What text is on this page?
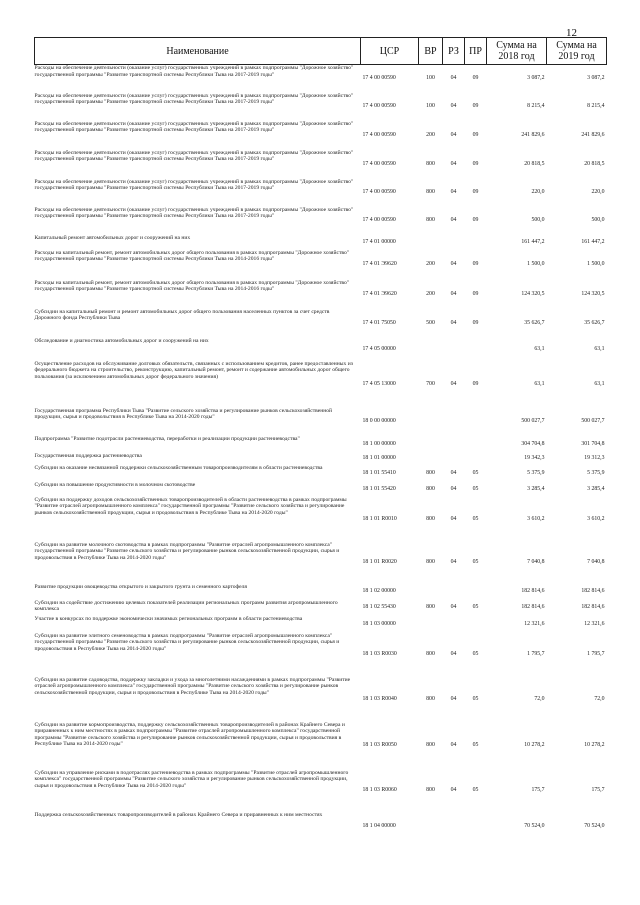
12
Наименование	ЦСР	ВР	РЗ	ПР	Сумма на 2018 год	Сумма на 2019 год
Расходы на обеспечение деятельности (оказание услуг) государственных учреждений в рамках подпрограммы "Дорожное хозяйство" государственной программы "Развитие транспортной системы Республики Тыва на 2017-2019 годы"	17 4 00 00590	100	04	09	3 087,2	3 087,2
Расходы на обеспечение деятельности (оказание услуг) государственных учреждений в рамках подпрограммы "Дорожное хозяйство" государственной программы "Развитие транспортной системы Республики Тыва на 2017-2019 годы"	17 4 00 00590	100	04	09	8 215,4	8 215,4
Расходы на обеспечение деятельности (оказание услуг) государственных учреждений в рамках подпрограммы "Дорожное хозяйство" государственной программы "Развитие транспортной системы Республики Тыва на 2017-2019 годы"	17 4 00 00590	200	04	09	241 829,6	241 829,6
Расходы на обеспечение деятельности (оказание услуг) государственных учреждений в рамках подпрограммы "Дорожное хозяйство" государственной программы "Развитие транспортной системы Республики Тыва на 2017-2019 годы"	17 4 00 00590	800	04	09	20 818,5	20 818,5
Расходы на обеспечение деятельности (оказание услуг) государственных учреждений в рамках подпрограммы "Дорожное хозяйство" государственной программы "Развитие транспортной системы Республики Тыва на 2017-2019 годы"	17 4 00 00590	800	04	09	220,0	220,0
Расходы на обеспечение деятельности (оказание услуг) государственных учреждений в рамках подпрограммы "Дорожное хозяйство" государственной программы "Развитие транспортной системы Республики Тыва на 2017-2019 годы"	17 4 00 00590	800	04	09	500,0	500,0
Капитальный ремонт автомобильных дорог и сооружений на них	17 4 01 00000				161 447,2	161 447,2
Расходы на капитальный ремонт, ремонт автомобильных дорог общего пользования в рамках подпрограммы "Дорожное хозяйство" государственной программы "Развитие транспортной системы Республики Тыва на 2014-2016 годы"	17 4 01 Э9620	200	04	09	1 500,0	1 500,0
Расходы на капитальный ремонт, ремонт автомобильных дорог общего пользования в рамках подпрограммы "Дорожное хозяйство" государственной программы "Развитие транспортной системы Республики Тыва на 2014-2016 годы"	17 4 01 Э9620	200	04	09	124 320,5	124 320,5
Субсидии на капитальный ремонт и ремонт автомобильных дорог общего пользования населенных пунктов за счет средств Дорожного фонда Республики Тыва	17 4 01 75050	500	04	09	35 626,7	35 626,7
Обследование и диагностика автомобильных дорог и сооружений на них	17 4 05 00000				63,1	63,1
Осуществление расходов на обслуживание долговых обязательств, связанных с использованием кредитов, ранее предоставленных из федерального бюджета на строительство, реконструкцию, капитальный ремонт, ремонт и содержание автомобильных дорог общего пользования (за исключением автомобильных дорог федерального значения)	17 4 05 13000	700	04	09	63,1	63,1
Государственная программа Республики Тыва "Развитие сельского хозяйства и регулирование рынков сельскохозяйственной продукции, сырья и продовольствия в Республике Тыва на 2014-2020 годы"	18 0 00 00000				500 027,7	500 027,7
Подпрограмма "Развитие подотрасли растениеводства, переработки и реализации продукции растениеводства"	18 1 00 00000				304 704,8	301 704,8
Государственная поддержка растениеводства	18 1 01 00000				19 342,3	19 312,3
Субсидии на оказание несвязанной поддержки сельскохозяйственным товаропроизводителям в области растениеводства	18 1 01 55410	800	04	05	5 375,9	5 375,9
Субсидии на повышение продуктивности в молочном скотоводстве	18 1 01 55420	800	04	05	3 285,4	3 285,4
Субсидии на поддержку доходов сельскохозяйственных товаропроизводителей в области растениеводства в рамках подпрограммы "Развитие отраслей агропромышленного комплекса" государственной программы "Развитие сельского хозяйства и регулирование рынков сельскохозяйственной продукции, сырья и продовольствия в Республике Тыва на 2014-2020 годы"	18 1 01 R0010	800	04	05	3 610,2	3 610,2
Субсидии на развитие молочного скотоводства в рамках подпрограммы "Развитие отраслей агропромышленного комплекса" государственной программы "Развитие сельского хозяйства и регулирование рынков сельскохозяйственной продукции, сырья и продовольствия в Республике Тыва на 2014-2020 годы"	18 1 01 R0020	800	04	05	7 040,8	7 040,8
Развитие продукции овощеводства открытого и закрытого грунта и семенного картофеля	18 1 02 00000				182 814,6	182 814,6
Субсидии на содействие достижению целевых показателей реализации региональных программ развития агропромышленного комплекса	18 1 02 55430	800	04	05	182 814,6	182 814,6
Участие в конкурсах по поддержке экономически значимых региональных программ в области растениеводства	18 1 03 00000				12 321,6	12 321,6
Субсидии на развитие элитного семеноводства в рамках подпрограммы "Развитие отраслей агропромышленного комплекса" государственной программы "Развитие сельского хозяйства и регулирование рынков сельскохозяйственной продукции, сырья и продовольствия в Республике Тыва на 2014-2020 годы"	18 1 03 R0030	800	04	05	1 795,7	1 795,7
Субсидии на развитие садоводства, поддержку закладки и ухода за многолетними насаждениями в рамках подпрограммы "Развитие отраслей агропромышленного комплекса" государственной программы "Развитие сельского хозяйства и регулирование рынков сельскохозяйственной продукции, сырья и продовольствия в Республике Тыва на 2014-2020 годы"	18 1 03 R0040	800	04	05	72,0	72,0
Субсидии на развитие кормопроизводства, поддержку сельскохозяйственных товаропроизводителей в районах Крайнего Севера и приравненных к ним местностях в рамках подпрограммы "Развитие отраслей агропромышленного комплекса" государственной программы "Развитие сельского хозяйства и регулирование рынков сельскохозяйственной продукции, сырья и продовольствия в Республике Тыва на 2014-2020 годы"	18 1 03 R0050	800	04	05	10 278,2	10 278,2
Субсидии на управление рисками в подотраслях растениеводства в рамках подпрограммы "Развитие отраслей агропромышленного комплекса" государственной программы "Развитие сельского хозяйства и регулирование рынков сельскохозяйственной продукции, сырья и продовольствия в Республике Тыва на 2014-2020 годы"	18 1 03 R0060	800	04	05	175,7	175,7
Поддержка сельскохозяйственных товаропроизводителей в районах Крайнего Севера и приравненных к ним местностях	18 1 04 00000				70 524,0	70 524,0
